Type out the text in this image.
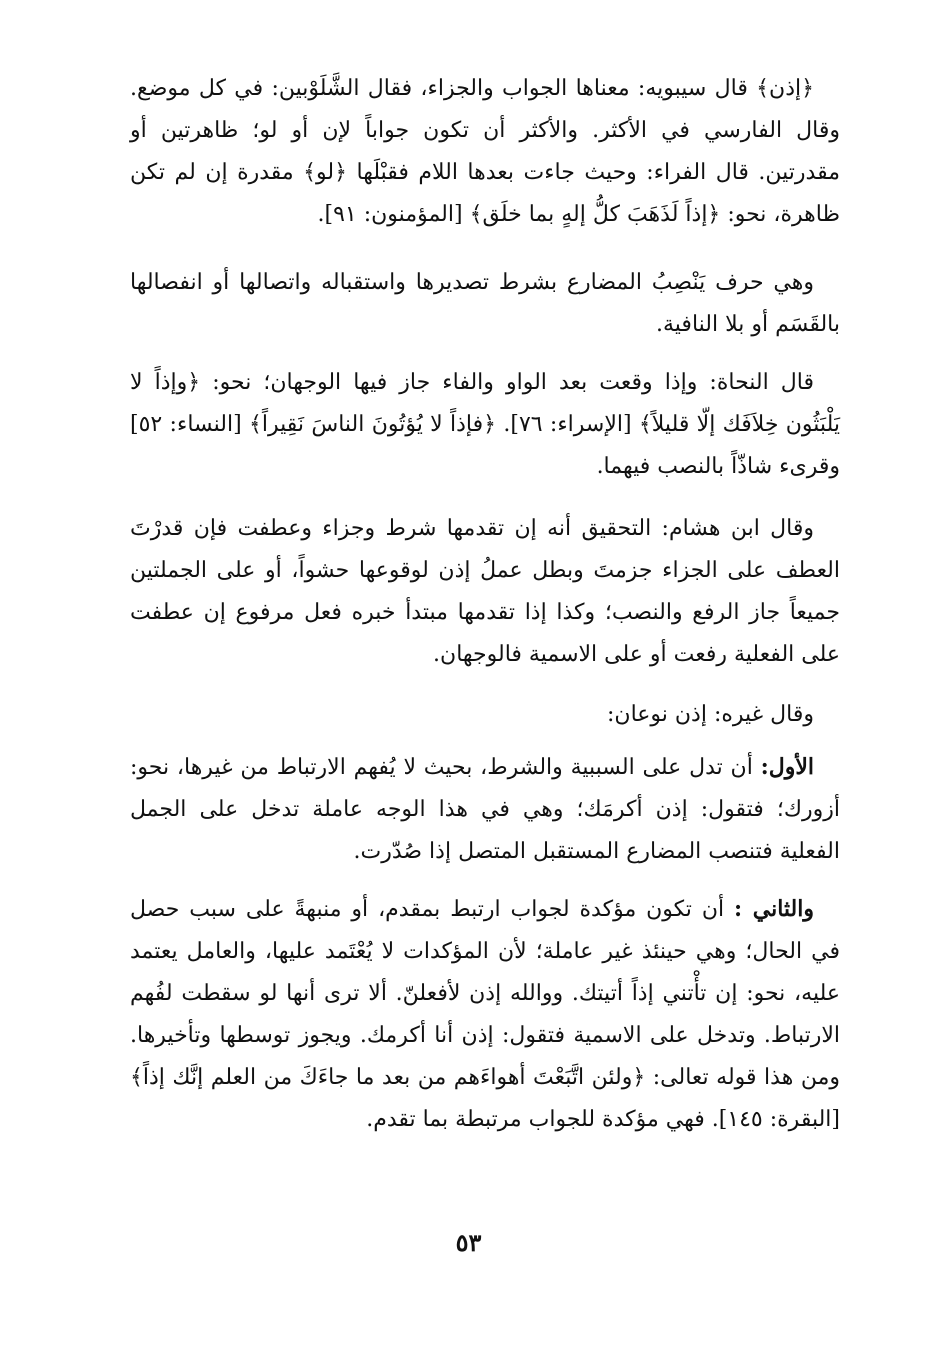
﴿إذن﴾ قال سيبويه: معناها الجواب والجزاء، فقال الشَّلَوْبين: في كل موضع. وقال الفارسي في الأكثر. والأكثر أن تكون جواباً لإن أو لو؛ ظاهرتين أو مقدرتين. قال الفراء: وحيث جاءت بعدها اللام فقبْلَها ﴿لو﴾ مقدرة إن لم تكن ظاهرة، نحو: ﴿إذاً لَذَهَبَ كلُّ إلهٍ بما خلَق﴾ [المؤمنون: ٩١].

وهي حرف يَنْصِبُ المضارع بشرط تصديرها واستقباله واتصالها أو انفصالها بالقَسَم أو بلا النافية.

قال النحاة: وإذا وقعت بعد الواو والفاء جاز فيها الوجهان؛ نحو: ﴿وإذاً لا يَلْبَثُون خِلاَفَك إلّا قليلاً﴾ [الإسراء: ٧٦]. ﴿فإذاً لا يُؤتُونَ الناسَ نَقِيراً﴾ [النساء: ٥٢] وقرىء شاذّاً بالنصب فيهما.

وقال ابن هشام: التحقيق أنه إن تقدمها شرط وجزاء وعطفت فإن قدرْتَ العطف على الجزاء جزمتَ وبطل عملُ إذن لوقوعها حشواً، أو على الجملتين جميعاً جاز الرفع والنصب؛ وكذا إذا تقدمها مبتدأ خبره فعل مرفوع إن عطفت على الفعلية رفعت أو على الاسمية فالوجهان.

وقال غيره: إذن نوعان:

الأول: أن تدل على السببية والشرط، بحيث لا يُفهم الارتباط من غيرها، نحو: أزورك؛ فتقول: إذن أكرمَك؛ وهي في هذا الوجه عاملة تدخل على الجمل الفعلية فتنصب المضارع المستقبل المتصل إذا صُدّرت.

والثاني : أن تكون مؤكدة لجواب ارتبط بمقدم، أو منبهةً على سبب حصل في الحال؛ وهي حينئذ غير عاملة؛ لأن المؤكدات لا يُعْتَمد عليها، والعامل يعتمد عليه، نحو: إن تأْتني إذاً أتيتك. ووالله إذن لأفعلنّ. ألا ترى أنها لو سقطت لفُهم الارتباط. وتدخل على الاسمية فتقول: إذن أنا أكرمك. ويجوز توسطها وتأخيرها. ومن هذا قوله تعالى: ﴿ولئن اتَّبَعْتَ أهواءَهم من بعد ما جاءَكَ من العلم إنَّك إذاً﴾ [البقرة: ١٤٥]. فهي مؤكدة للجواب مرتبطة بما تقدم.

٥٣
